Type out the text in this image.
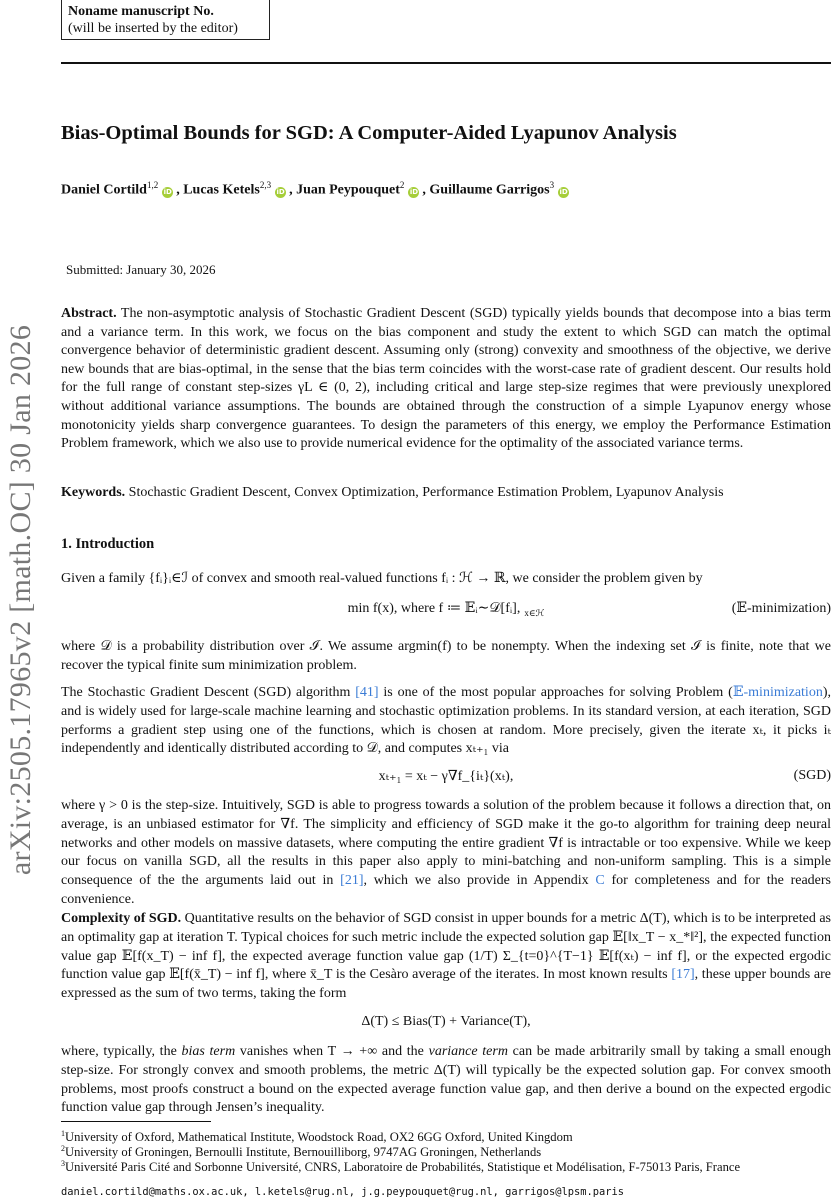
arXiv:2505.17965v2 [math.OC] 30 Jan 2026
Noname manuscript No.
(will be inserted by the editor)
Bias-Optimal Bounds for SGD: A Computer-Aided Lyapunov Analysis
Daniel Cortild$^{1,2}$iD , Lucas Ketels$^{2,3}$iD , Juan Peypouquet$^2$iD , Guillaume Garrigos$^3$iD
Submitted: January 30, 2026
Abstract. The non-asymptotic analysis of Stochastic Gradient Descent (SGD) typically yields bounds that decompose into a bias term and a variance term. In this work, we focus on the bias component and study the extent to which SGD can match the optimal convergence behavior of deterministic gradient descent. Assuming only (strong) convexity and smoothness of the objective, we derive new bounds that are bias-optimal, in the sense that the bias term coincides with the worst-case rate of gradient descent. Our results hold for the full range of constant step-sizes γL ∈ (0, 2), including critical and large step-size regimes that were previously unexplored without additional variance assumptions. The bounds are obtained through the construction of a simple Lyapunov energy whose monotonicity yields sharp convergence guarantees. To design the parameters of this energy, we employ the Performance Estimation Problem framework, which we also use to provide numerical evidence for the optimality of the associated variance terms.
Keywords. Stochastic Gradient Descent, Convex Optimization, Performance Estimation Problem, Lyapunov Analysis
1. Introduction
Given a family {fᵢ}ᵢ∈ℐ of convex and smooth real-valued functions fᵢ : ℋ → ℝ, we consider the problem given by
min f(x), where f ≔ 𝔼ᵢ∼𝒟[fᵢ], $_{x\in ℋ}$	(𝔼-minimization)
where 𝒟 is a probability distribution over ℐ. We assume argmin(f) to be nonempty. When the indexing set ℐ is finite, note that we recover the typical finite sum minimization problem.
The Stochastic Gradient Descent (SGD) algorithm [41] is one of the most popular approaches for solving Problem (𝔼-minimization), and is widely used for large-scale machine learning and stochastic optimization problems. In its standard version, at each iteration, SGD performs a gradient step using one of the functions, which is chosen at random. More precisely, given the iterate xₜ, it picks iₜ independently and identically distributed according to 𝒟, and computes xₜ₊₁ via
xₜ₊₁ = xₜ − γ∇f_{iₜ}(xₜ),	(SGD)
where γ > 0 is the step-size. Intuitively, SGD is able to progress towards a solution of the problem because it follows a direction that, on average, is an unbiased estimator for ∇f. The simplicity and efficiency of SGD make it the go-to algorithm for training deep neural networks and other models on massive datasets, where computing the entire gradient ∇f is intractable or too expensive. While we keep our focus on vanilla SGD, all the results in this paper also apply to mini-batching and non-uniform sampling. This is a simple consequence of the the arguments laid out in [21], which we also provide in Appendix C for completeness and for the readers convenience.
Complexity of SGD. Quantitative results on the behavior of SGD consist in upper bounds for a metric Δ(T), which is to be interpreted as an optimality gap at iteration T. Typical choices for such metric include the expected solution gap 𝔼[‖x_T − x_*‖²], the expected function value gap 𝔼[f(x_T) − inf f], the expected average function value gap (1/T) Σ_{t=0}^{T−1} 𝔼[f(xₜ) − inf f], or the expected ergodic function value gap 𝔼[f(x̄_T) − inf f], where x̄_T is the Cesàro average of the iterates. In most known results [17], these upper bounds are expressed as the sum of two terms, taking the form
Δ(T) ≤ Bias(T) + Variance(T),
where, typically, the bias term vanishes when T → +∞ and the variance term can be made arbitrarily small by taking a small enough step-size. For strongly convex and smooth problems, the metric Δ(T) will typically be the expected solution gap. For convex smooth problems, most proofs construct a bound on the expected average function value gap, and then derive a bound on the expected ergodic function value gap through Jensen’s inequality.
$^1$University of Oxford, Mathematical Institute, Woodstock Road, OX2 6GG Oxford, United Kingdom
$^2$University of Groningen, Bernoulli Institute, Bernouilliborg, 9747AG Groningen, Netherlands
$^3$Université Paris Cité and Sorbonne Université, CNRS, Laboratoire de Probabilités, Statistique et Modélisation, F-75013 Paris, France
daniel.cortild@maths.ox.ac.uk, l.ketels@rug.nl, j.g.peypouquet@rug.nl, garrigos@lpsm.paris
